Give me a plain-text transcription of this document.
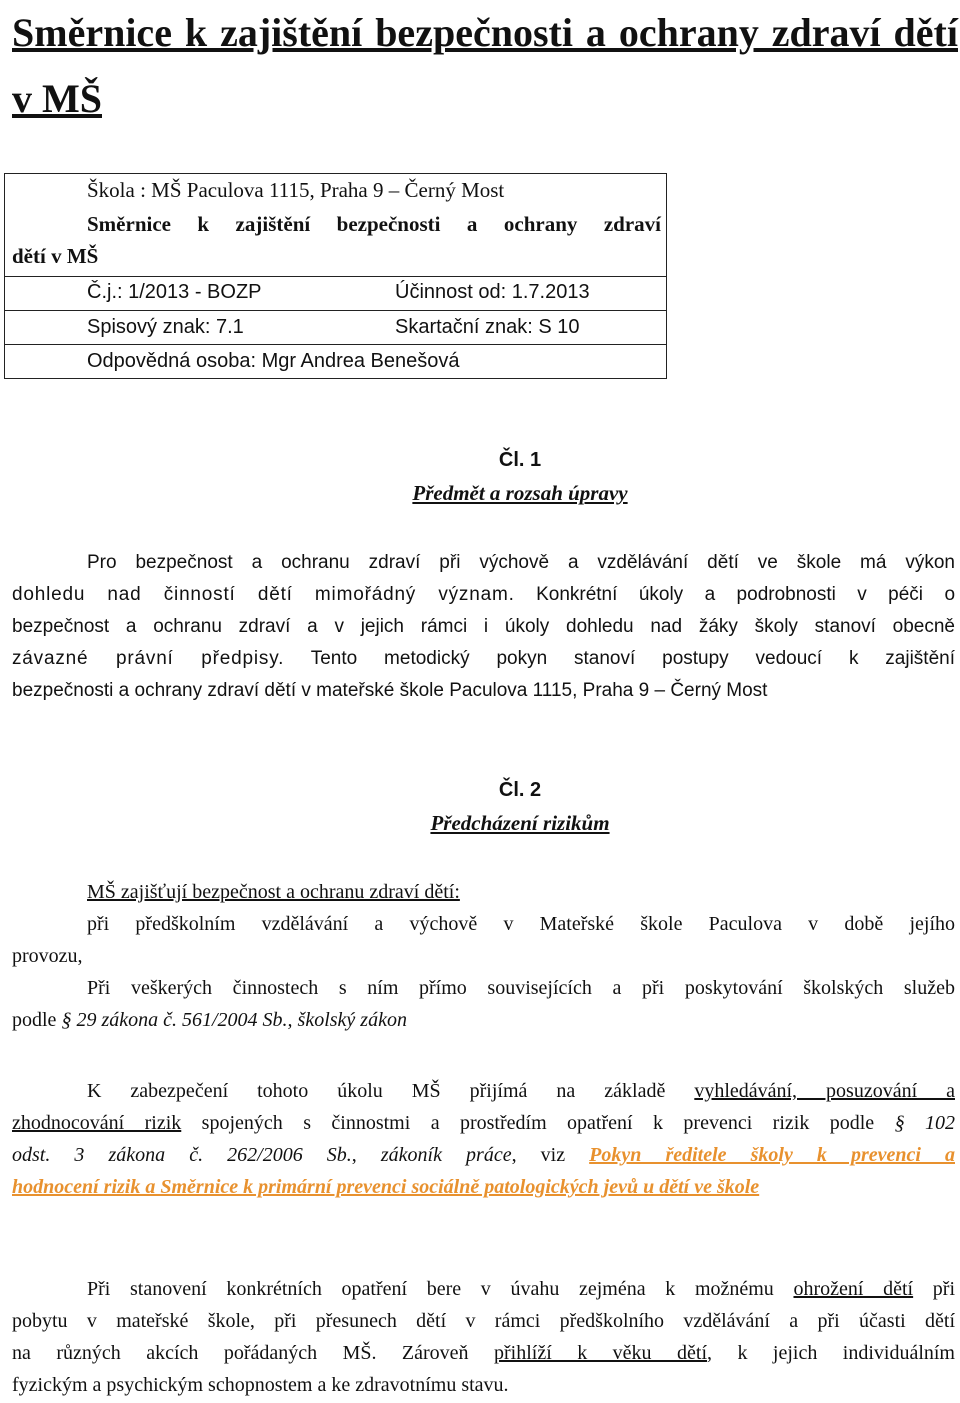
Směrnice k zajištění bezpečnosti a ochrany zdraví dětí v MŠ
Škola : MŠ Paculova 1115, Praha 9 – Černý Most
Směrnice k zajištění bezpečnosti a ochrany zdraví
dětí v MŠ
Č.j.: 1/2013 - BOZP	Účinnost od: 1.7.2013
Spisový znak: 7.1	Skartační znak: S 10
Odpovědná osoba: Mgr Andrea Benešová
Čl. 1
Předmět a rozsah úpravy
Pro bezpečnost a ochranu zdraví při výchově a vzdělávání dětí ve škole má výkon
dohledu nad činností dětí mimořádný význam. Konkrétní úkoly a podrobnosti v péči o
bezpečnost a ochranu zdraví a v jejich rámci i úkoly dohledu nad žáky školy stanoví obecně
závazné právní předpisy. Tento metodický pokyn stanoví postupy vedoucí k zajištění
bezpečnosti a ochrany zdraví dětí v mateřské škole Paculova 1115, Praha 9 – Černý Most
Čl. 2
Předcházení rizikům
MŠ zajišťují bezpečnost a ochranu zdraví dětí:
při předškolním vzdělávání a výchově v Mateřské škole Paculova v době jejího
provozu,
Při veškerých činnostech s ním přímo souvisejících a při poskytování školských služeb
podle § 29 zákona č. 561/2004 Sb., školský zákon
K zabezpečení tohoto úkolu MŠ přijímá na základě vyhledávání, posuzování a
zhodnocování rizik spojených s činnostmi a prostředím opatření k prevenci rizik podle § 102
odst. 3 zákona č. 262/2006 Sb., zákoník práce, viz Pokyn ředitele školy k prevenci a
hodnocení rizik a Směrnice k primární prevenci sociálně patologických jevů u dětí ve škole
Při stanovení konkrétních opatření bere v úvahu zejména k možnému ohrožení dětí při
pobytu v mateřské škole, při přesunech dětí v rámci předškolního vzdělávání a při účasti dětí
na různých akcích pořádaných MŠ. Zároveň přihlíží k věku dětí, k jejich individuálním
fyzickým a psychickým schopnostem a ke zdravotnímu stavu.
